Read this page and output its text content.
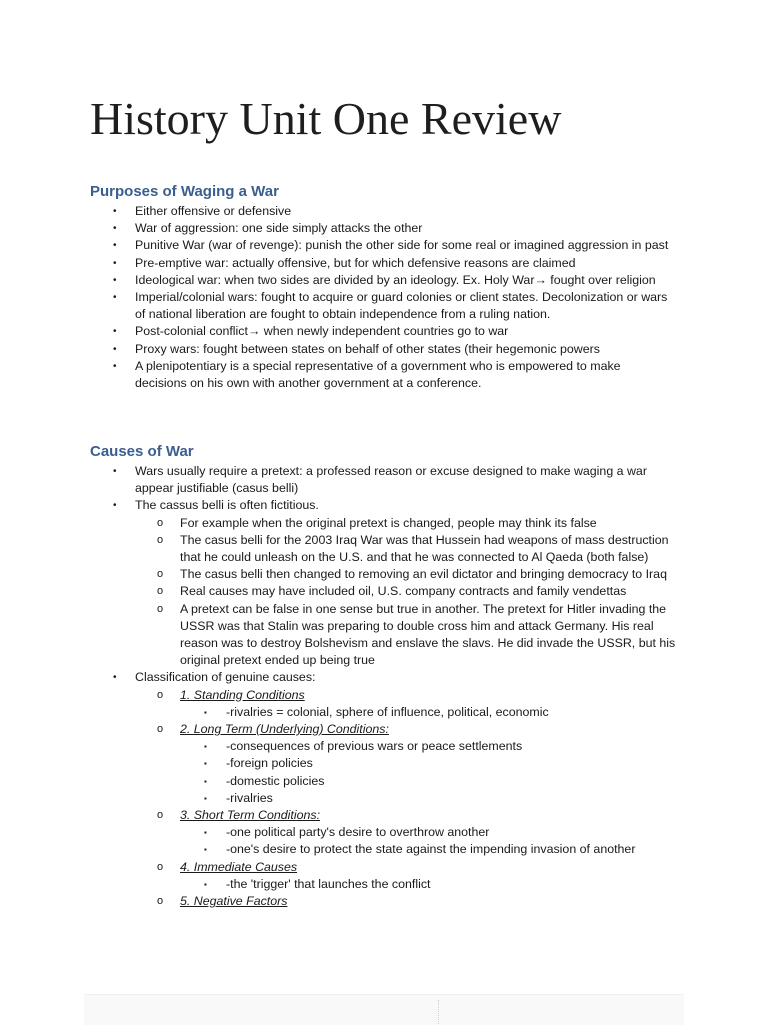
History Unit One Review
Purposes of Waging a War
• Either offensive or defensive
• War of aggression: one side simply attacks the other
• Punitive War (war of revenge): punish the other side for some real or imagined aggression in past
• Pre-emptive war: actually offensive, but for which defensive reasons are claimed
• Ideological war: when two sides are divided by an ideology. Ex. Holy War→ fought over religion
• Imperial/colonial wars: fought to acquire or guard colonies or client states. Decolonization or wars of national liberation are fought to obtain independence from a ruling nation.
• Post-colonial conflict→ when newly independent countries go to war
• Proxy wars: fought between states on behalf of other states (their hegemonic powers
• A plenipotentiary is a special representative of a government who is empowered to make decisions on his own with another government at a conference.
Causes of War
• Wars usually require a pretext: a professed reason or excuse designed to make waging a war appear justifiable (casus belli)
• The cassus belli is often fictitious.
o For example when the original pretext is changed, people may think its false
o The casus belli for the 2003 Iraq War was that Hussein had weapons of mass destruction that he could unleash on the U.S. and that he was connected to Al Qaeda (both false)
o The casus belli then changed to removing an evil dictator and bringing democracy to Iraq
o Real causes may have included oil, U.S. company contracts and family vendettas
o A pretext can be false in one sense but true in another. The pretext for Hitler invading the USSR was that Stalin was preparing to double cross him and attack Germany. His real reason was to destroy Bolshevism and enslave the slavs. He did invade the USSR, but his original pretext ended up being true
• Classification of genuine causes:
o 1. Standing Conditions
▪ -rivalries = colonial, sphere of influence, political, economic
o 2. Long Term (Underlying) Conditions:
▪ -consequences of previous wars or peace settlements
▪ -foreign policies
▪ -domestic policies
▪ -rivalries
o 3. Short Term Conditions:
▪ -one political party's desire to overthrow another
▪ -one's desire to protect the state against the impending invasion of another
o 4. Immediate Causes
▪ -the 'trigger' that launches the conflict
o 5. Negative Factors
